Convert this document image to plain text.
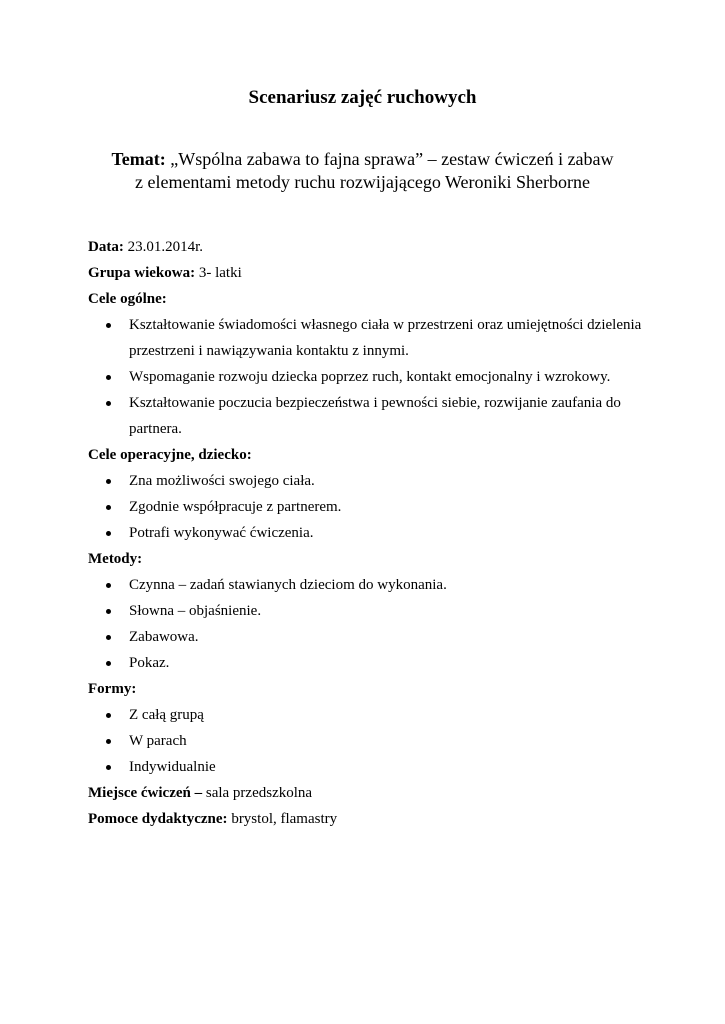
Scenariusz zajęć ruchowych
Temat: „Wspólna zabawa to fajna sprawa” – zestaw ćwiczeń i zabaw
z elementami metody ruchu rozwijającego Weroniki Sherborne

Data: 23.01.2014r.

Grupa wiekowa: 3- latki

Cele ogólne:

Kształtowanie świadomości własnego ciała w przestrzeni oraz umiejętności dzielenia
przestrzeni i nawiązywania kontaktu z innymi.
Wspomaganie rozwoju dziecka poprzez ruch, kontakt emocjonalny i wzrokowy.
Kształtowanie poczucia bezpieczeństwa i pewności siebie, rozwijanie zaufania do
partnera.

Cele operacyjne, dziecko:

Zna możliwości swojego ciała.
Zgodnie współpracuje z partnerem.
Potrafi wykonywać ćwiczenia.

Metody:

Czynna – zadań stawianych dzieciom do wykonania.
Słowna – objaśnienie.
Zabawowa.
Pokaz.

Formy:

Z całą grupą
W parach
Indywidualnie

Miejsce ćwiczeń – sala przedszkolna

Pomoce dydaktyczne: brystol, flamastry
